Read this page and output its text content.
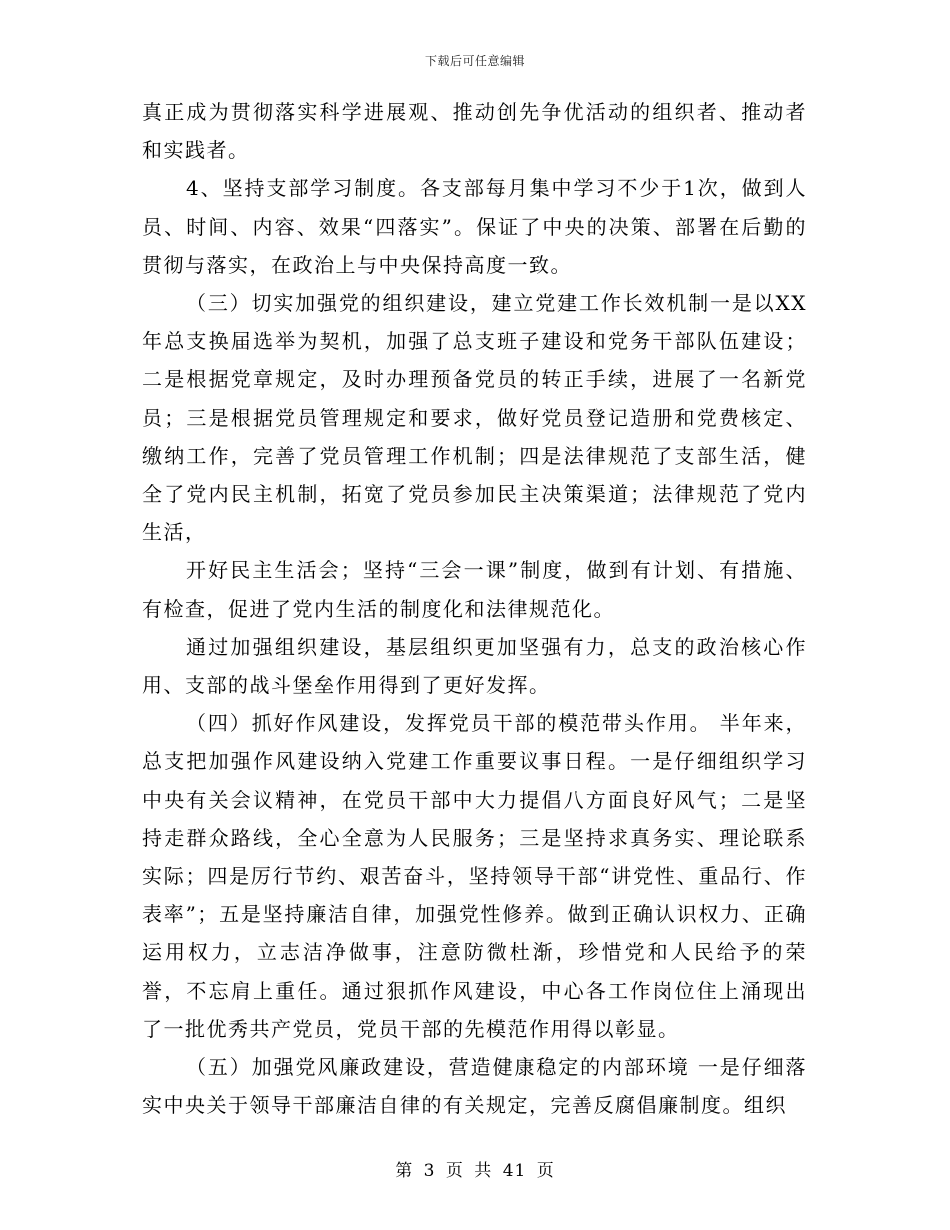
下载后可任意编辑

真正成为贯彻落实科学进展观、推动创先争优活动的组织者、推动者和实践者。

4、坚持支部学习制度。各支部每月集中学习不少于1次，做到人员、时间、内容、效果“四落实”。保证了中央的决策、部署在后勤的贯彻与落实，在政治上与中央保持高度一致。

（三）切实加强党的组织建设，建立党建工作长效机制一是以XX年总支换届选举为契机，加强了总支班子建设和党务干部队伍建设；二是根据党章规定，及时办理预备党员的转正手续，进展了一名新党员；三是根据党员管理规定和要求，做好党员登记造册和党费核定、缴纳工作，完善了党员管理工作机制；四是法律规范了支部生活，健全了党内民主机制，拓宽了党员参加民主决策渠道；法律规范了党内生活，

开好民主生活会；坚持“三会一课”制度，做到有计划、有措施、有检查，促进了党内生活的制度化和法律规范化。

通过加强组织建设，基层组织更加坚强有力，总支的政治核心作用、支部的战斗堡垒作用得到了更好发挥。

（四）抓好作风建设，发挥党员干部的模范带头作用。 半年来，总支把加强作风建设纳入党建工作重要议事日程。一是仔细组织学习中央有关会议精神，在党员干部中大力提倡八方面良好风气；二是坚持走群众路线，全心全意为人民服务；三是坚持求真务实、理论联系实际；四是厉行节约、艰苦奋斗，坚持领导干部“讲党性、重品行、作表率”；五是坚持廉洁自律，加强党性修养。做到正确认识权力、正确运用权力，立志洁净做事，注意防微杜渐，珍惜党和人民给予的荣誉，不忘肩上重任。通过狠抓作风建设，中心各工作岗位住上涌现出了一批优秀共产党员，党员干部的先模范作用得以彰显。

（五）加强党风廉政建设，营造健康稳定的内部环境 一是仔细落实中央关于领导干部廉洁自律的有关规定，完善反腐倡廉制度。组织

第 3 页 共 41 页
